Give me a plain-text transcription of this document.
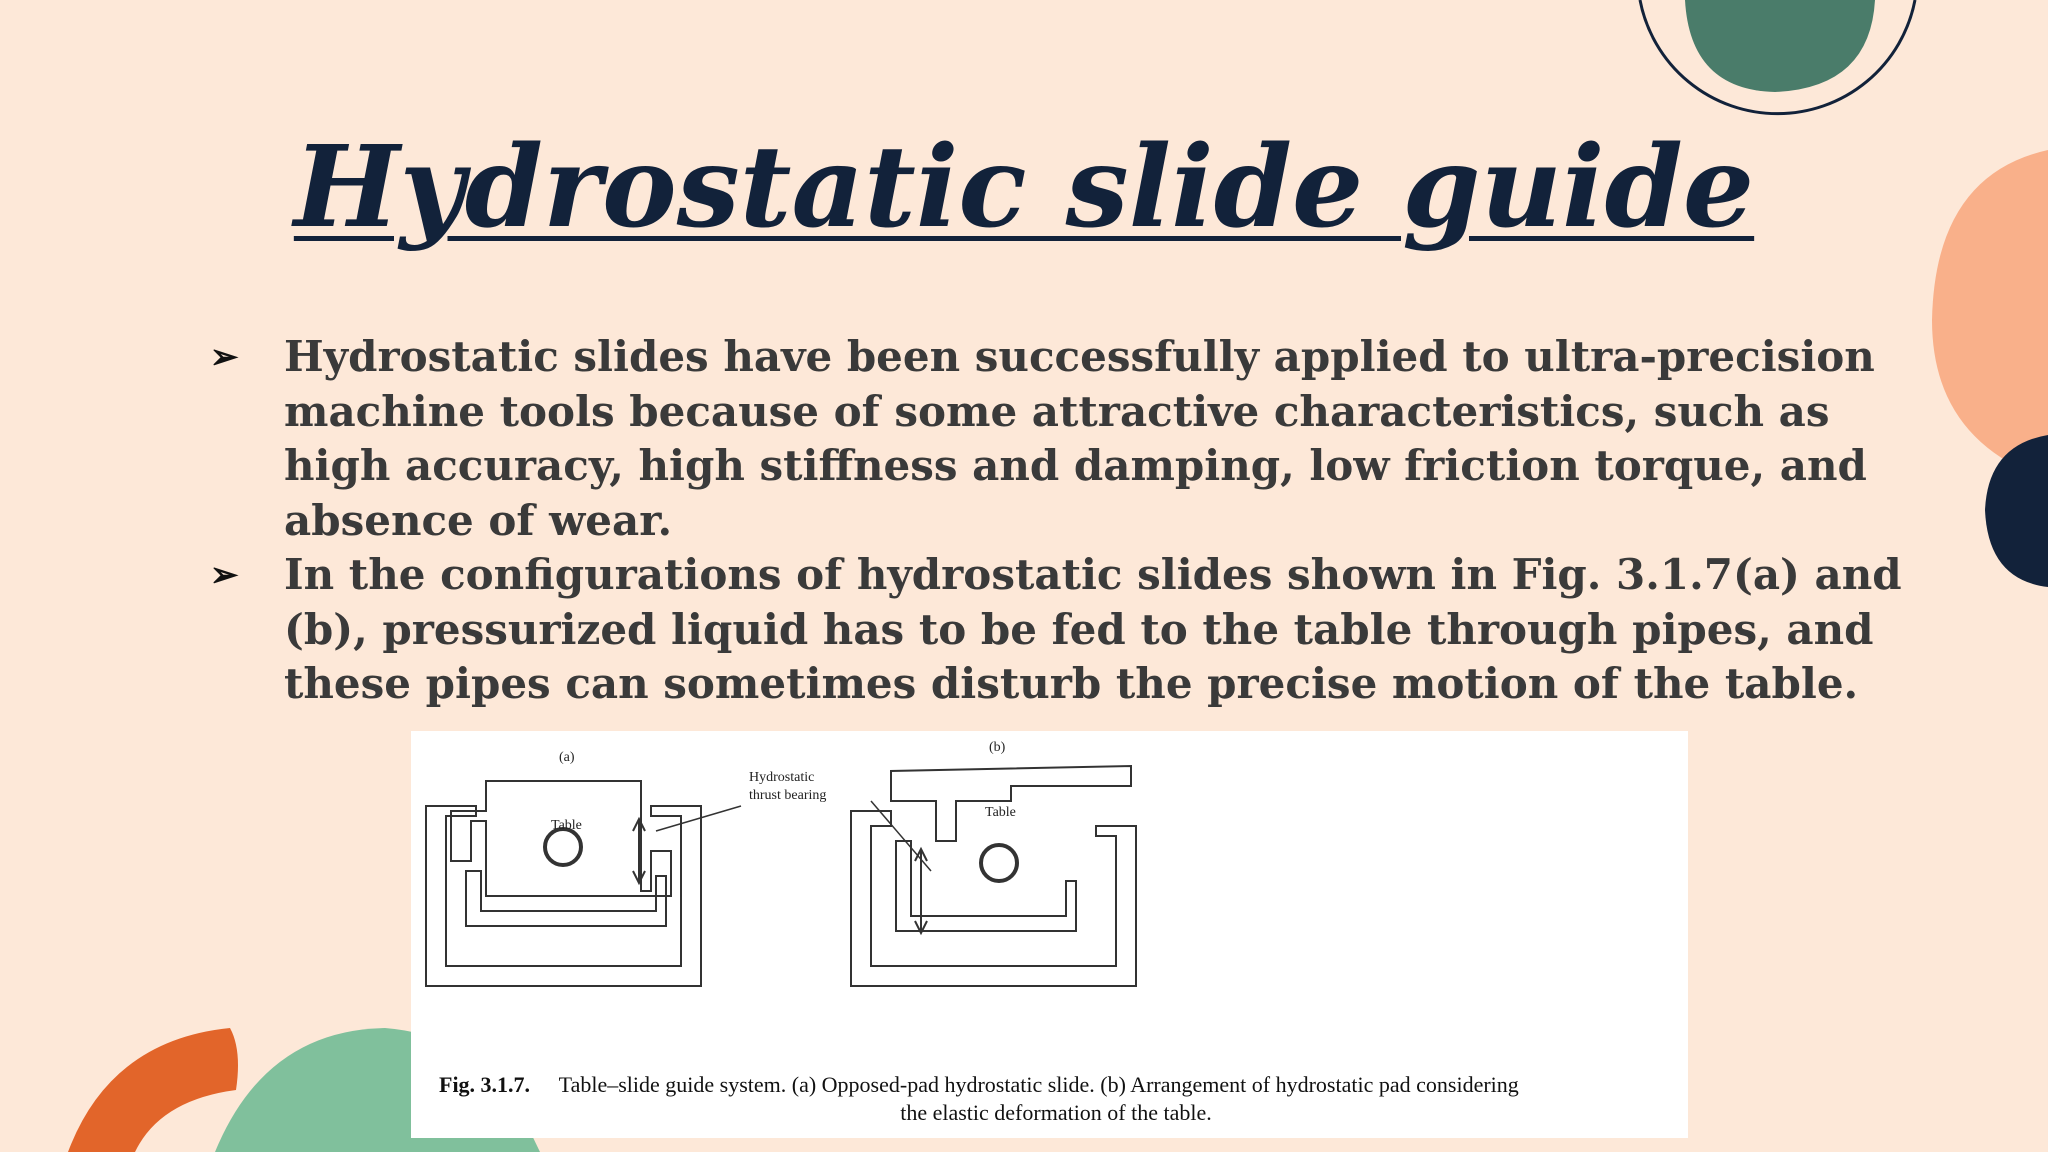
Hydrostatic slide guide
➢ Hydrostatic slides have been successfully applied to ultra-precision machine tools because of some attractive characteristics, such as high accuracy, high stiffness and damping, low friction torque, and absence of wear.
➢ In the configurations of hydrostatic slides shown in Fig. 3.1.7(a) and (b), pressurized liquid has to be fed to the table through pipes, and these pipes can sometimes disturb the precise motion of the table.
(a)
Table
Hydrostatic
thrust bearing
(b)
Table
Fig. 3.1.7. Table–slide guide system. (a) Opposed-pad hydrostatic slide. (b) Arrangement of hydrostatic pad considering
the elastic deformation of the table.
